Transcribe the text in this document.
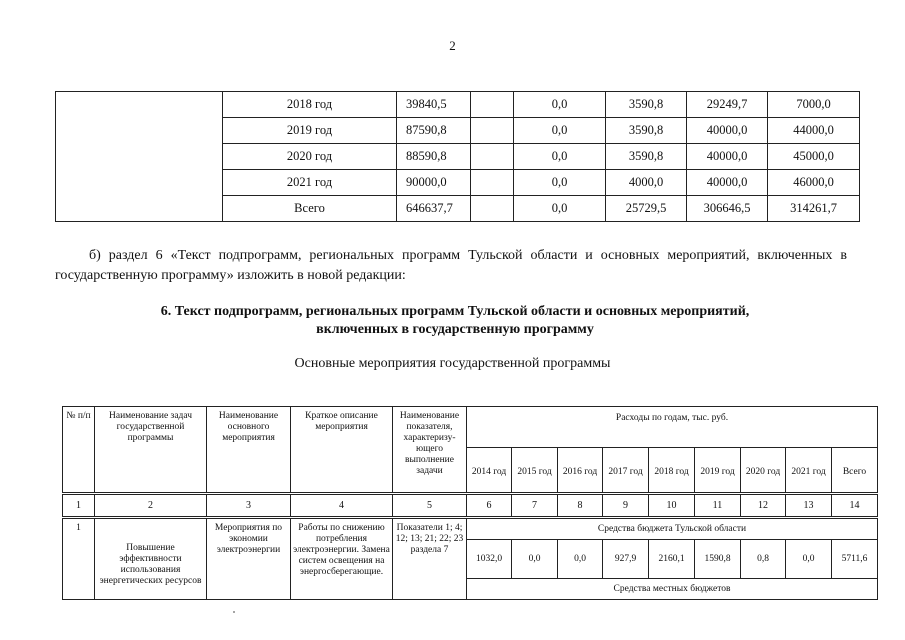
2
	2018 год	39840,5		0,0	3590,8	29249,7	7000,0
	2019 год	87590,8		0,0	3590,8	40000,0	44000,0
	2020 год	88590,8		0,0	3590,8	40000,0	45000,0
	2021 год	90000,0		0,0	4000,0	40000,0	46000,0
	Всего	646637,7		0,0	25729,5	306646,5	314261,7
б) раздел 6 «Текст подпрограмм, региональных программ Тульской области и основных мероприятий, включенных в государственную программу» изложить в новой редакции:
6. Текст подпрограмм, региональных программ Тульской области и основных мероприятий,
включенных в государственную программу
Основные мероприятия государственной программы
№ п/п	Наименование задач государственной программы	Наименование основного мероприятия	Краткое описание мероприятия	Наименование показателя, характеризу-ющего выполнение задачи	Расходы по годам, тыс. руб.								
					2014 год	2015 год	2016 год	2017 год	2018 год	2019 год	2020 год	2021 год	Всего
1	2	3	4	5	6	7	8	9	10	11	12	13	14
1	Повышение эффективности использования энергетических ресурсов	Мероприятия по экономии электроэнергии	Работы по снижению потребления электроэнергии. Замена систем освещения на энергосберегающие.	Показатели 1; 4; 12; 13; 21; 22; 23 раздела 7	Средства бюджета Тульской области								
					1032,0	0,0	0,0	927,9	2160,1	1590,8	0,8	0,0	5711,6
					Средства местных бюджетов								
